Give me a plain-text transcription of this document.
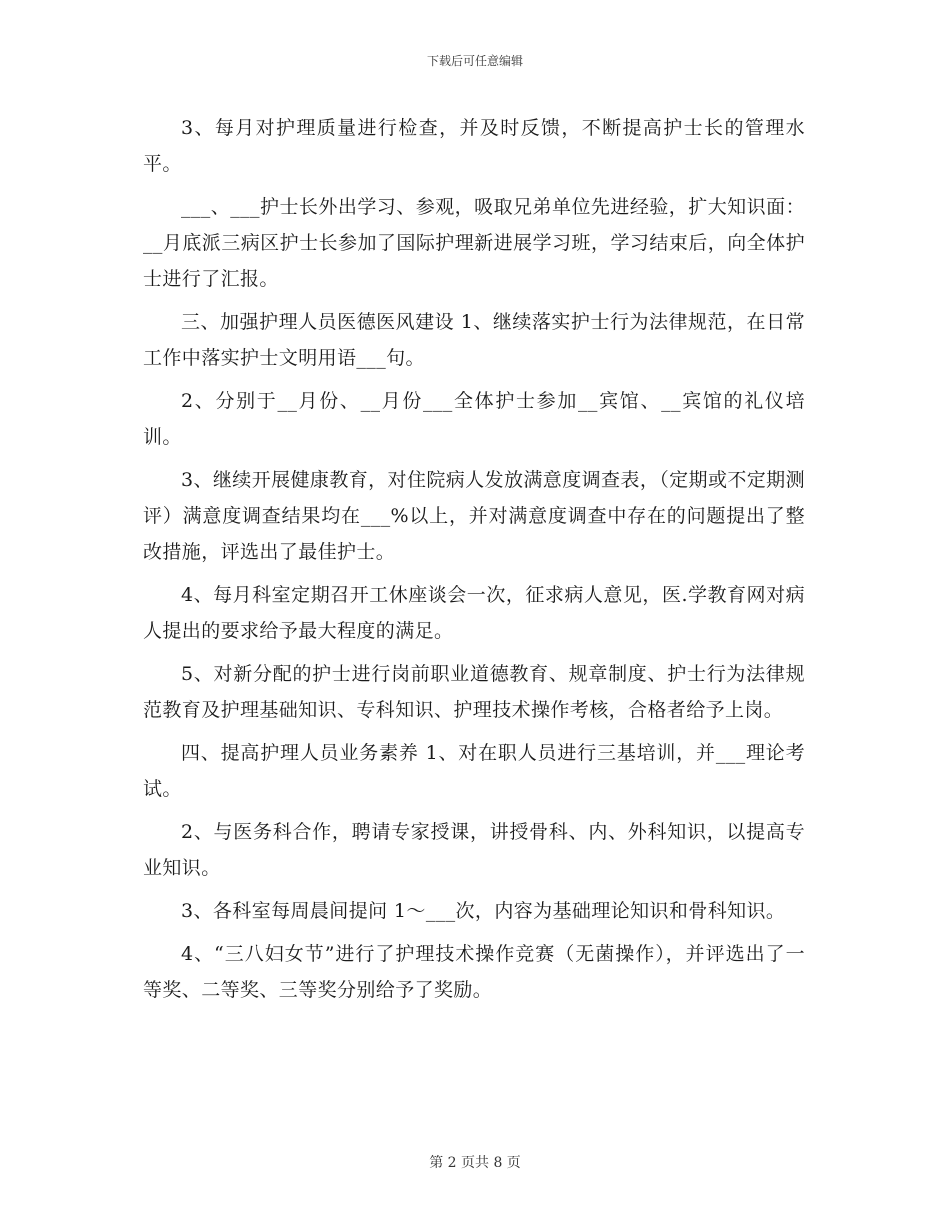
下载后可任意编辑

3、每月对护理质量进行检查，并及时反馈，不断提高护士长的管理水平。

___、___护士长外出学习、参观，吸取兄弟单位先进经验，扩大知识面：__月底派三病区护士长参加了国际护理新进展学习班，学习结束后，向全体护士进行了汇报。

三、加强护理人员医德医风建设 1、继续落实护士行为法律规范，在日常工作中落实护士文明用语___句。

2、分别于__月份、__月份___全体护士参加__宾馆、__宾馆的礼仪培训。

3、继续开展健康教育，对住院病人发放满意度调查表，（定期或不定期测评）满意度调查结果均在___%以上，并对满意度调查中存在的问题提出了整改措施，评选出了最佳护士。

4、每月科室定期召开工休座谈会一次，征求病人意见，医.学教育网对病人提出的要求给予最大程度的满足。

5、对新分配的护士进行岗前职业道德教育、规章制度、护士行为法律规范教育及护理基础知识、专科知识、护理技术操作考核，合格者给予上岗。

四、提高护理人员业务素养 1、对在职人员进行三基培训，并___理论考试。

2、与医务科合作，聘请专家授课，讲授骨科、内、外科知识，以提高专业知识。

3、各科室每周晨间提问 1～___次，内容为基础理论知识和骨科知识。

4、“三八妇女节”进行了护理技术操作竞赛（无菌操作），并评选出了一等奖、二等奖、三等奖分别给予了奖励。

第 2 页共 8 页
